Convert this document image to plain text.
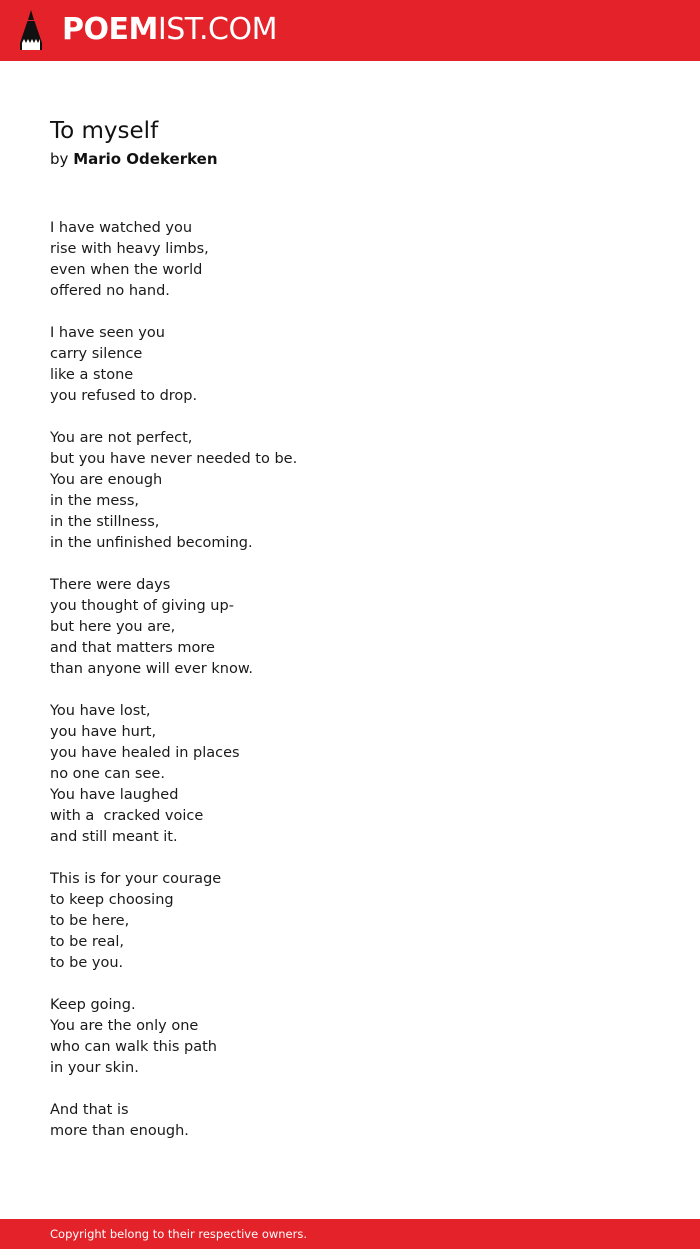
POEMIST.COM
To myself
by Mario Odekerken
I have watched you
rise with heavy limbs,
even when the world
offered no hand.
I have seen you
carry silence
like a stone
you refused to drop.
You are not perfect,
but you have never needed to be.
You are enough
in the mess,
in the stillness,
in the unfinished becoming.
There were days
you thought of giving up-
but here you are,
and that matters more
than anyone will ever know.
You have lost,
you have hurt,
you have healed in places
no one can see.
You have laughed
with a  cracked voice
and still meant it.
This is for your courage
to keep choosing
to be here,
to be real,
to be you.
Keep going.
You are the only one
who can walk this path
in your skin.
And that is
more than enough.
Copyright belong to their respective owners.
